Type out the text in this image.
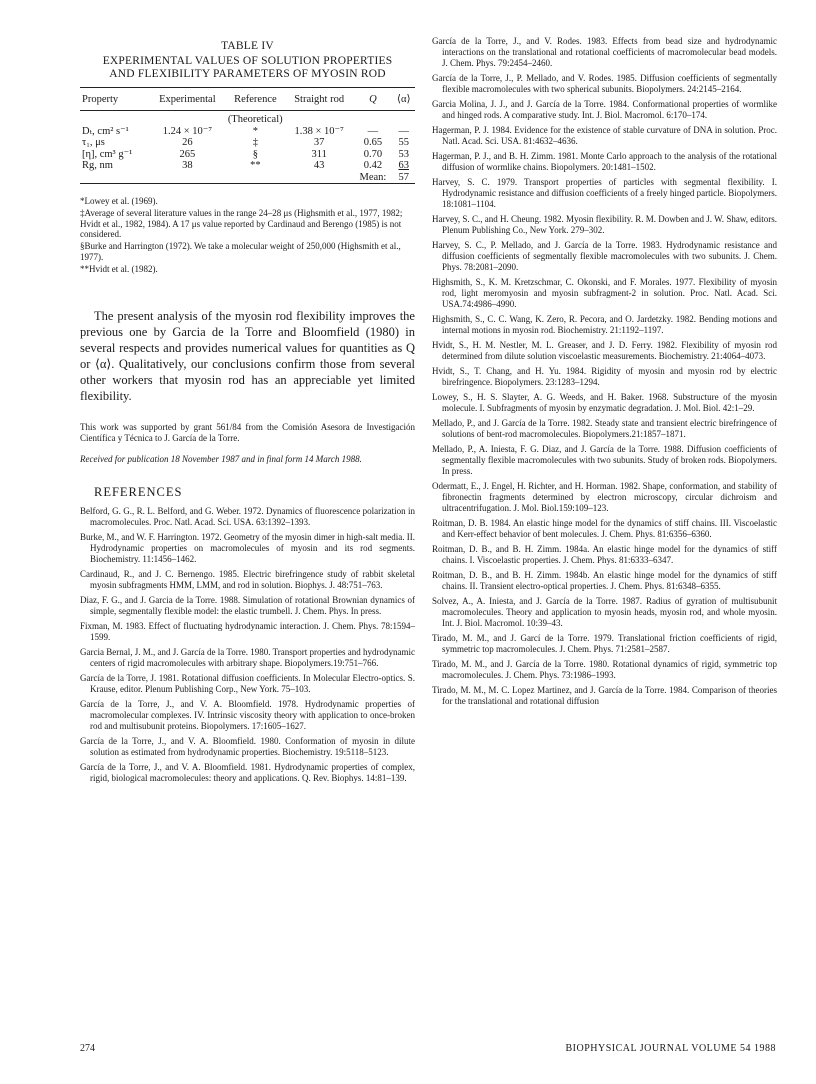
TABLE IV
EXPERIMENTAL VALUES OF SOLUTION PROPERTIES
AND FLEXIBILITY PARAMETERS OF MYOSIN ROD
Property	Experimental	Reference	Straight rod	Q	⟨α⟩
		(Theoretical)			
Dₜ, cm² s⁻¹	1.24 × 10⁻⁷	*	1.38 × 10⁻⁷	—	—
τ₁, μs	26	‡	37	0.65	55
[η], cm³ g⁻¹	265	§	311	0.70	53
Rg, nm	38	**	43	0.42	63
				Mean:	57

*Lowey et al. (1969).

‡Average of several literature values in the range 24–28 μs (Highsmith et al., 1977, 1982; Hvidt et al., 1982, 1984). A 17 μs value reported by Cardinaud and Berengo (1985) is not considered.

§Burke and Harrington (1972). We take a molecular weight of 250,000 (Highsmith et al., 1977).

**Hvidt et al. (1982).

The present analysis of the myosin rod flexibility improves the previous one by Garcia de la Torre and Bloomfield (1980) in several respects and provides numerical values for quantities as Q or ⟨α⟩. Qualitatively, our conclusions confirm those from several other workers that myosin rod has an appreciable yet limited flexibility.

This work was supported by grant 561/84 from the Comisión Asesora de Investigación Científica y Técnica to J. García de la Torre.

Received for publication 18 November 1987 and in final form 14 March 1988.
REFERENCES

Belford, G. G., R. L. Belford, and G. Weber. 1972. Dynamics of fluorescence polarization in macromolecules. Proc. Natl. Acad. Sci. USA. 63:1392–1393.

Burke, M., and W. F. Harrington. 1972. Geometry of the myosin dimer in high-salt media. II. Hydrodynamic properties on macromolecules of myosin and its rod segments. Biochemistry. 11:1456–1462.

Cardinaud, R., and J. C. Bernengo. 1985. Electric birefringence study of rabbit skeletal myosin subfragments HMM, LMM, and rod in solution. Biophys. J. 48:751–763.

Diaz, F. G., and J. Garcia de la Torre. 1988. Simulation of rotational Brownian dynamics of simple, segmentally flexible model: the elastic trumbell. J. Chem. Phys. In press.

Fixman, M. 1983. Effect of fluctuating hydrodynamic interaction. J. Chem. Phys. 78:1594–1599.

Garcia Bernal, J. M., and J. García de la Torre. 1980. Transport properties and hydrodynamic centers of rigid macromolecules with arbitrary shape. Biopolymers.19:751–766.

García de la Torre, J. 1981. Rotational diffusion coefficients. In Molecular Electro-optics. S. Krause, editor. Plenum Publishing Corp., New York. 75–103.

García de la Torre, J., and V. A. Bloomfield. 1978. Hydrodynamic properties of macromolecular complexes. IV. Intrinsic viscosity theory with application to once-broken rod and multisubunit proteins. Biopolymers. 17:1605–1627.

García de la Torre, J., and V. A. Bloomfield. 1980. Conformation of myosin in dilute solution as estimated from hydrodynamic properties. Biochemistry. 19:5118–5123.

García de la Torre, J., and V. A. Bloomfield. 1981. Hydrodynamic properties of complex, rigid, biological macromolecules: theory and applications. Q. Rev. Biophys. 14:81–139.

García de la Torre, J., and V. Rodes. 1983. Effects from bead size and hydrodynamic interactions on the translational and rotational coefficients of macromolecular bead models. J. Chem. Phys. 79:2454–2460.

García de la Torre, J., P. Mellado, and V. Rodes. 1985. Diffusion coefficients of segmentally flexible macromolecules with two spherical subunits. Biopolymers. 24:2145–2164.

Garcia Molina, J. J., and J. García de la Torre. 1984. Conformational properties of wormlike and hinged rods. A comparative study. Int. J. Biol. Macromol. 6:170–174.

Hagerman, P. J. 1984. Evidence for the existence of stable curvature of DNA in solution. Proc. Natl. Acad. Sci. USA. 81:4632–4636.

Hagerman, P. J., and B. H. Zimm. 1981. Monte Carlo approach to the analysis of the rotational diffusion of wormlike chains. Biopolymers. 20:1481–1502.

Harvey, S. C. 1979. Transport properties of particles with segmental flexibility. I. Hydrodynamic resistance and diffusion coefficients of a freely hinged particle. Biopolymers. 18:1081–1104.

Harvey, S. C., and H. Cheung. 1982. Myosin flexibility. R. M. Dowben and J. W. Shaw, editors. Plenum Publishing Co., New York. 279–302.

Harvey, S. C., P. Mellado, and J. García de la Torre. 1983. Hydrodynamic resistance and diffusion coefficients of segmentally flexible macromolecules with two subunits. J. Chem. Phys. 78:2081–2090.

Highsmith, S., K. M. Kretzschmar, C. Okonski, and F. Morales. 1977. Flexibility of myosin rod, light meromyosin and myosin subfragment-2 in solution. Proc. Natl. Acad. Sci. USA.74:4986–4990.

Highsmith, S., C. C. Wang, K. Zero, R. Pecora, and O. Jardetzky. 1982. Bending motions and internal motions in myosin rod. Biochemistry. 21:1192–1197.

Hvidt, S., H. M. Nestler, M. L. Greaser, and J. D. Ferry. 1982. Flexibility of myosin rod determined from dilute solution viscoelastic measurements. Biochemistry. 21:4064–4073.

Hvidt, S., T. Chang, and H. Yu. 1984. Rigidity of myosin and myosin rod by electric birefringence. Biopolymers. 23:1283–1294.

Lowey, S., H. S. Slayter, A. G. Weeds, and H. Baker. 1968. Substructure of the myosin molecule. I. Subfragments of myosin by enzymatic degradation. J. Mol. Biol. 42:1–29.

Mellado, P., and J. García de la Torre. 1982. Steady state and transient electric birefringence of solutions of bent-rod macromolecules. Biopolymers.21:1857–1871.

Mellado, P., A. Iniesta, F. G. Diaz, and J. García de la Torre. 1988. Diffusion coefficients of segmentally flexible macromolecules with two subunits. Study of broken rods. Biopolymers. In press.

Odermatt, E., J. Engel, H. Richter, and H. Horman. 1982. Shape, conformation, and stability of fibronectin fragments determined by electron microscopy, circular dichroism and ultracentrifugation. J. Mol. Biol.159:109–123.

Roitman, D. B. 1984. An elastic hinge model for the dynamics of stiff chains. III. Viscoelastic and Kerr-effect behavior of bent molecules. J. Chem. Phys. 81:6356–6360.

Roitman, D. B., and B. H. Zimm. 1984a. An elastic hinge model for the dynamics of stiff chains. I. Viscoelastic properties. J. Chem. Phys. 81:6333–6347.

Roitman, D. B., and B. H. Zimm. 1984b. An elastic hinge model for the dynamics of stiff chains. II. Transient electro-optical properties. J. Chem. Phys. 81:6348–6355.

Solvez, A., A. Iniesta, and J. García de la Torre. 1987. Radius of gyration of multisubunit macromolecules. Theory and application to myosin heads, myosin rod, and whole myosin. Int. J. Biol. Macromol. 10:39–43.

Tirado, M. M., and J. Garcí de la Torre. 1979. Translational friction coefficients of rigid, symmetric top macromolecules. J. Chem. Phys. 71:2581–2587.

Tirado, M. M., and J. García de la Torre. 1980. Rotational dynamics of rigid, symmetric top macromolecules. J. Chem. Phys. 73:1986–1993.

Tirado, M. M., M. C. Lopez Martinez, and J. García de la Torre. 1984. Comparison of theories for the translational and rotational diffusion

274	BIOPHYSICAL JOURNAL VOLUME 54 1988
